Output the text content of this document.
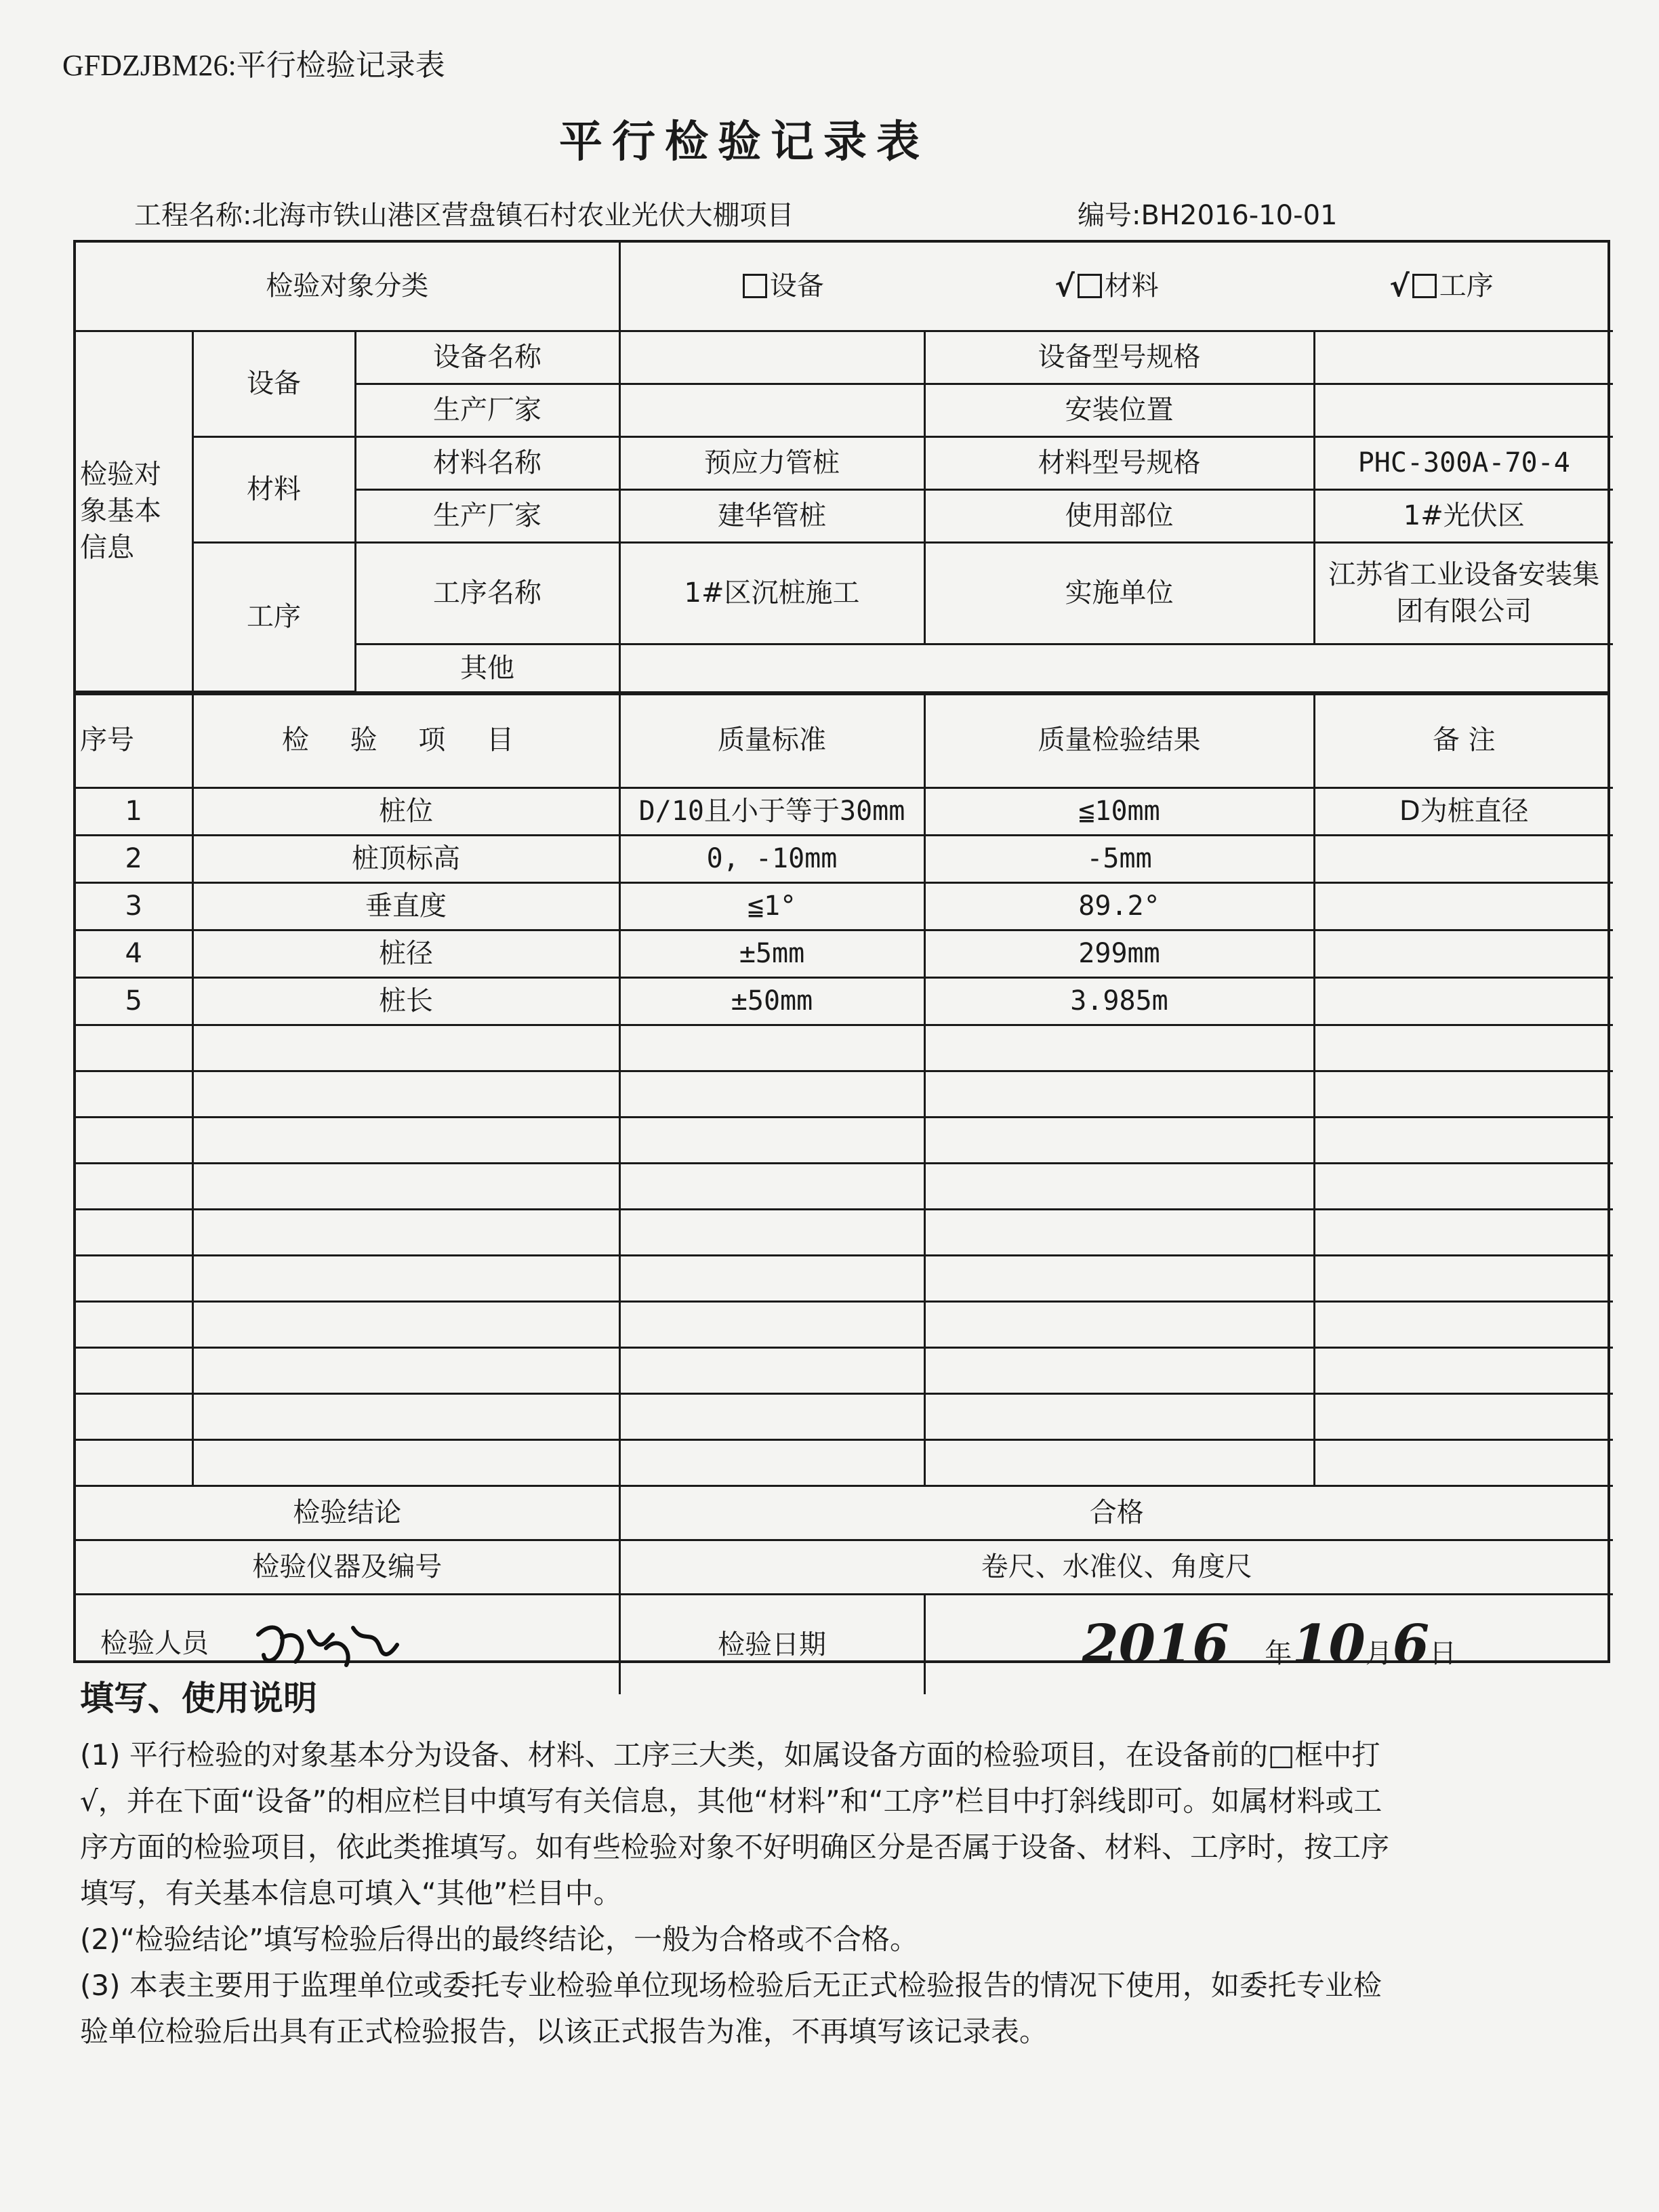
GFDZJBM26:平行检验记录表
平行检验记录表
工程名称:北海市铁山港区营盘镇石村农业光伏大棚项目	编号:BH2016-10-01
检验对象分类			设备 √ 材料 √ 工序		

检验对象基本信息	设备	设备名称		设备型号规格	
		生产厂家		安装位置	
	材料	材料名称	预应力管桩	材料型号规格	PHC-300A-70-4
		生产厂家	建华管桩	使用部位	1#光伏区
	工序	工序名称	1#区沉桩施工	实施单位	江苏省工业设备安装集团有限公司
		其他			
序号	检 验 项 目	质量标准	质量检验结果	备 注
1	桩位	D/10且小于等于30mm	≦10mm	D为桩直径
2	桩顶标高	0, -10mm	-5mm	
3	垂直度	≦1°	89.2°	
4	桩径	±5mm	299mm	
5	桩长	±50mm	3.985m	

检验结论		合格		
检验仪器及编号		卷尺、水准仪、角度尺		
检验人员		检验日期	2016 年10月6日	
填写、使用说明

(1) 平行检验的对象基本分为设备、材料、工序三大类，如属设备方面的检验项目，在设备前的□框中打√，并在下面“设备”的相应栏目中填写有关信息，其他“材料”和“工序”栏目中打斜线即可。如属材料或工序方面的检验项目，依此类推填写。如有些检验对象不好明确区分是否属于设备、材料、工序时，按工序填写，有关基本信息可填入“其他”栏目中。

(2)“检验结论”填写检验后得出的最终结论，一般为合格或不合格。

(3) 本表主要用于监理单位或委托专业检验单位现场检验后无正式检验报告的情况下使用，如委托专业检验单位检验后出具有正式检验报告，以该正式报告为准，不再填写该记录表。
